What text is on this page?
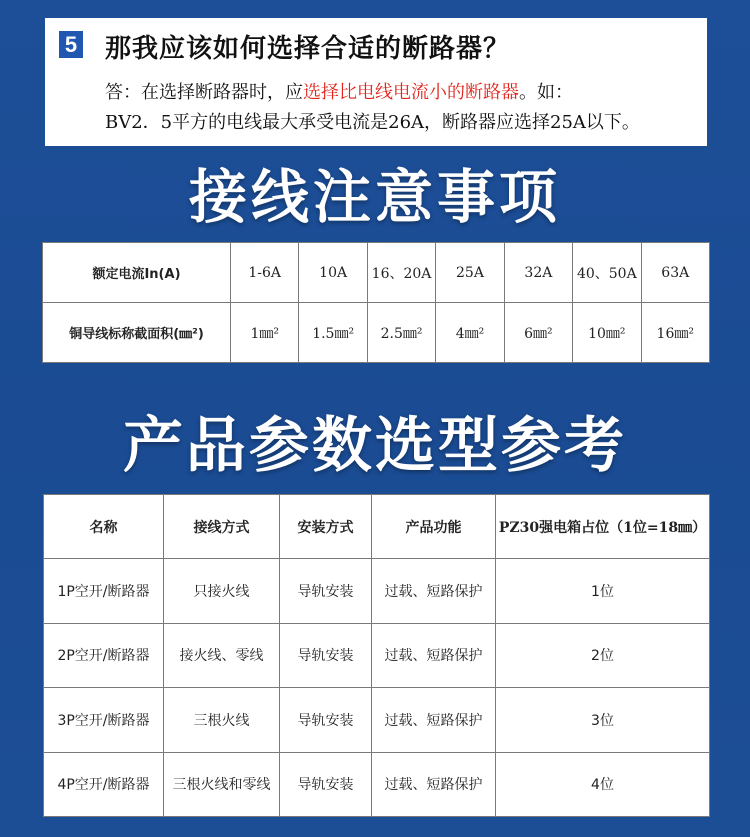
5 那我应该如何选择合适的断路器？
答：在选择断路器时，应选择比电线电流小的断路器。如：
BV2．5平方的电线最大承受电流是26A，断路器应选择25A以下。
接线注意事项
额定电流In(A)	1-6A	10A	16、20A	25A	32A	40、50A	63A
铜导线标称截面积(㎜²)	1㎜²	1.5㎜²	2.5㎜²	4㎜²	6㎜²	10㎜²	16㎜²
产品参数选型参考
名称	接线方式	安装方式	产品功能	PZ30强电箱占位（1位=18㎜）
1P空开/断路器	只接火线	导轨安装	过载、短路保护	1位
2P空开/断路器	接火线、零线	导轨安装	过载、短路保护	2位
3P空开/断路器	三根火线	导轨安装	过载、短路保护	3位
4P空开/断路器	三根火线和零线	导轨安装	过载、短路保护	4位
